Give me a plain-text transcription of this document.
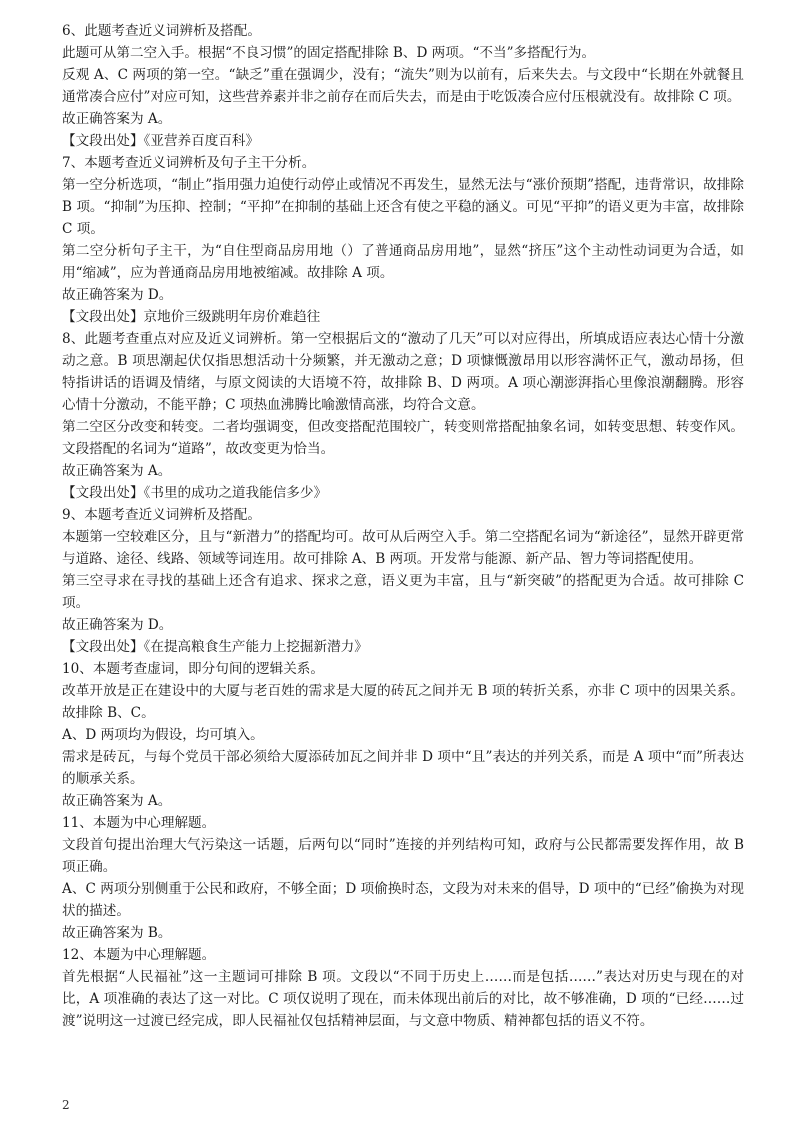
6、此题考查近义词辨析及搭配。

此题可从第二空入手。根据“不良习惯”的固定搭配排除 B、D 两项。“不当”多搭配行为。

反观 A、C 两项的第一空。“缺乏”重在强调少，没有；“流失”则为以前有，后来失去。与文段中“长期在外就餐且通常凑合应付”对应可知，这些营养素并非之前存在而后失去，而是由于吃饭凑合应付压根就没有。故排除 C 项。

故正确答案为 A。

【文段出处】《亚营养百度百科》

7、本题考查近义词辨析及句子主干分析。

第一空分析选项，“制止”指用强力迫使行动停止或情况不再发生，显然无法与“涨价预期”搭配，违背常识，故排除 B 项。“抑制”为压抑、控制；“平抑”在抑制的基础上还含有使之平稳的涵义。可见“平抑”的语义更为丰富，故排除 C 项。

第二空分析句子主干，为“自住型商品房用地（）了普通商品房用地”，显然“挤压”这个主动性动词更为合适，如用“缩减”，应为普通商品房用地被缩减。故排除 A 项。

故正确答案为 D。

【文段出处】京地价三级跳明年房价难趋往

8、此题考查重点对应及近义词辨析。第一空根据后文的“激动了几天”可以对应得出，所填成语应表达心情十分激动之意。B 项思潮起伏仅指思想活动十分频繁，并无激动之意；D 项慷慨激昂用以形容满怀正气，激动昂扬，但特指讲话的语调及情绪，与原文阅读的大语境不符，故排除 B、D 两项。A 项心潮澎湃指心里像浪潮翻腾。形容心情十分激动，不能平静；C 项热血沸腾比喻激情高涨，均符合文意。

第二空区分改变和转变。二者均强调变，但改变搭配范围较广，转变则常搭配抽象名词，如转变思想、转变作风。文段搭配的名词为“道路”，故改变更为恰当。

故正确答案为 A。

【文段出处】《书里的成功之道我能信多少》

9、本题考查近义词辨析及搭配。

本题第一空较难区分，且与“新潜力”的搭配均可。故可从后两空入手。第二空搭配名词为“新途径”，显然开辟更常与道路、途径、线路、领域等词连用。故可排除 A、B 两项。开发常与能源、新产品、智力等词搭配使用。

第三空寻求在寻找的基础上还含有追求、探求之意，语义更为丰富，且与“新突破”的搭配更为合适。故可排除 C 项。

故正确答案为 D。

【文段出处】《在提高粮食生产能力上挖掘新潜力》

10、本题考查虚词，即分句间的逻辑关系。

改革开放是正在建设中的大厦与老百姓的需求是大厦的砖瓦之间并无 B 项的转折关系，亦非 C 项中的因果关系。故排除 B、C。

A、D 两项均为假设，均可填入。

需求是砖瓦，与每个党员干部必须给大厦添砖加瓦之间并非 D 项中“且”表达的并列关系，而是 A 项中“而”所表达的顺承关系。

故正确答案为 A。

11、本题为中心理解题。

文段首句提出治理大气污染这一话题，后两句以“同时”连接的并列结构可知，政府与公民都需要发挥作用，故 B 项正确。

A、C 两项分别侧重于公民和政府，不够全面；D 项偷换时态，文段为对未来的倡导，D 项中的“已经”偷换为对现状的描述。

故正确答案为 B。

12、本题为中心理解题。

首先根据“人民福祉”这一主题词可排除 B 项。文段以“不同于历史上……而是包括……”表达对历史与现在的对比，A 项准确的表达了这一对比。C 项仅说明了现在，而未体现出前后的对比，故不够准确，D 项的“已经……过渡”说明这一过渡已经完成，即人民福祉仅包括精神层面，与文意中物质、精神都包括的语义不符。

2
